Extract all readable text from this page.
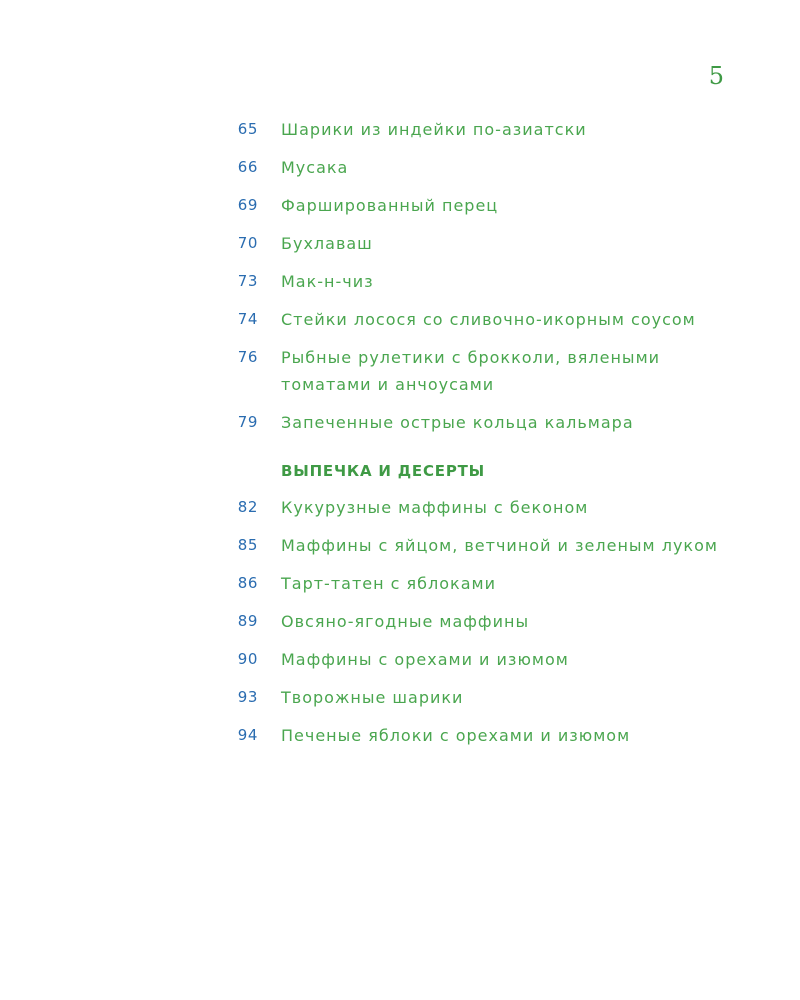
5
65 Шарики из индейки по-азиатски
66 Мусака
69 Фаршированный перец
70 Бухлаваш
73 Мак-н-чиз
74 Стейки лосося со сливочно-икорным соусом
76 Рыбные рулетики с брокколи, вялеными томатами и анчоусами
79 Запеченные острые кольца кальмара
ВЫПЕЧКА И ДЕСЕРТЫ
82 Кукурузные маффины с беконом
85 Маффины с яйцом, ветчиной и зеленым луком
86 Тарт-татен с яблоками
89 Овсяно-ягодные маффины
90 Маффины с орехами и изюмом
93 Творожные шарики
94 Печеные яблоки с орехами и изюмом
